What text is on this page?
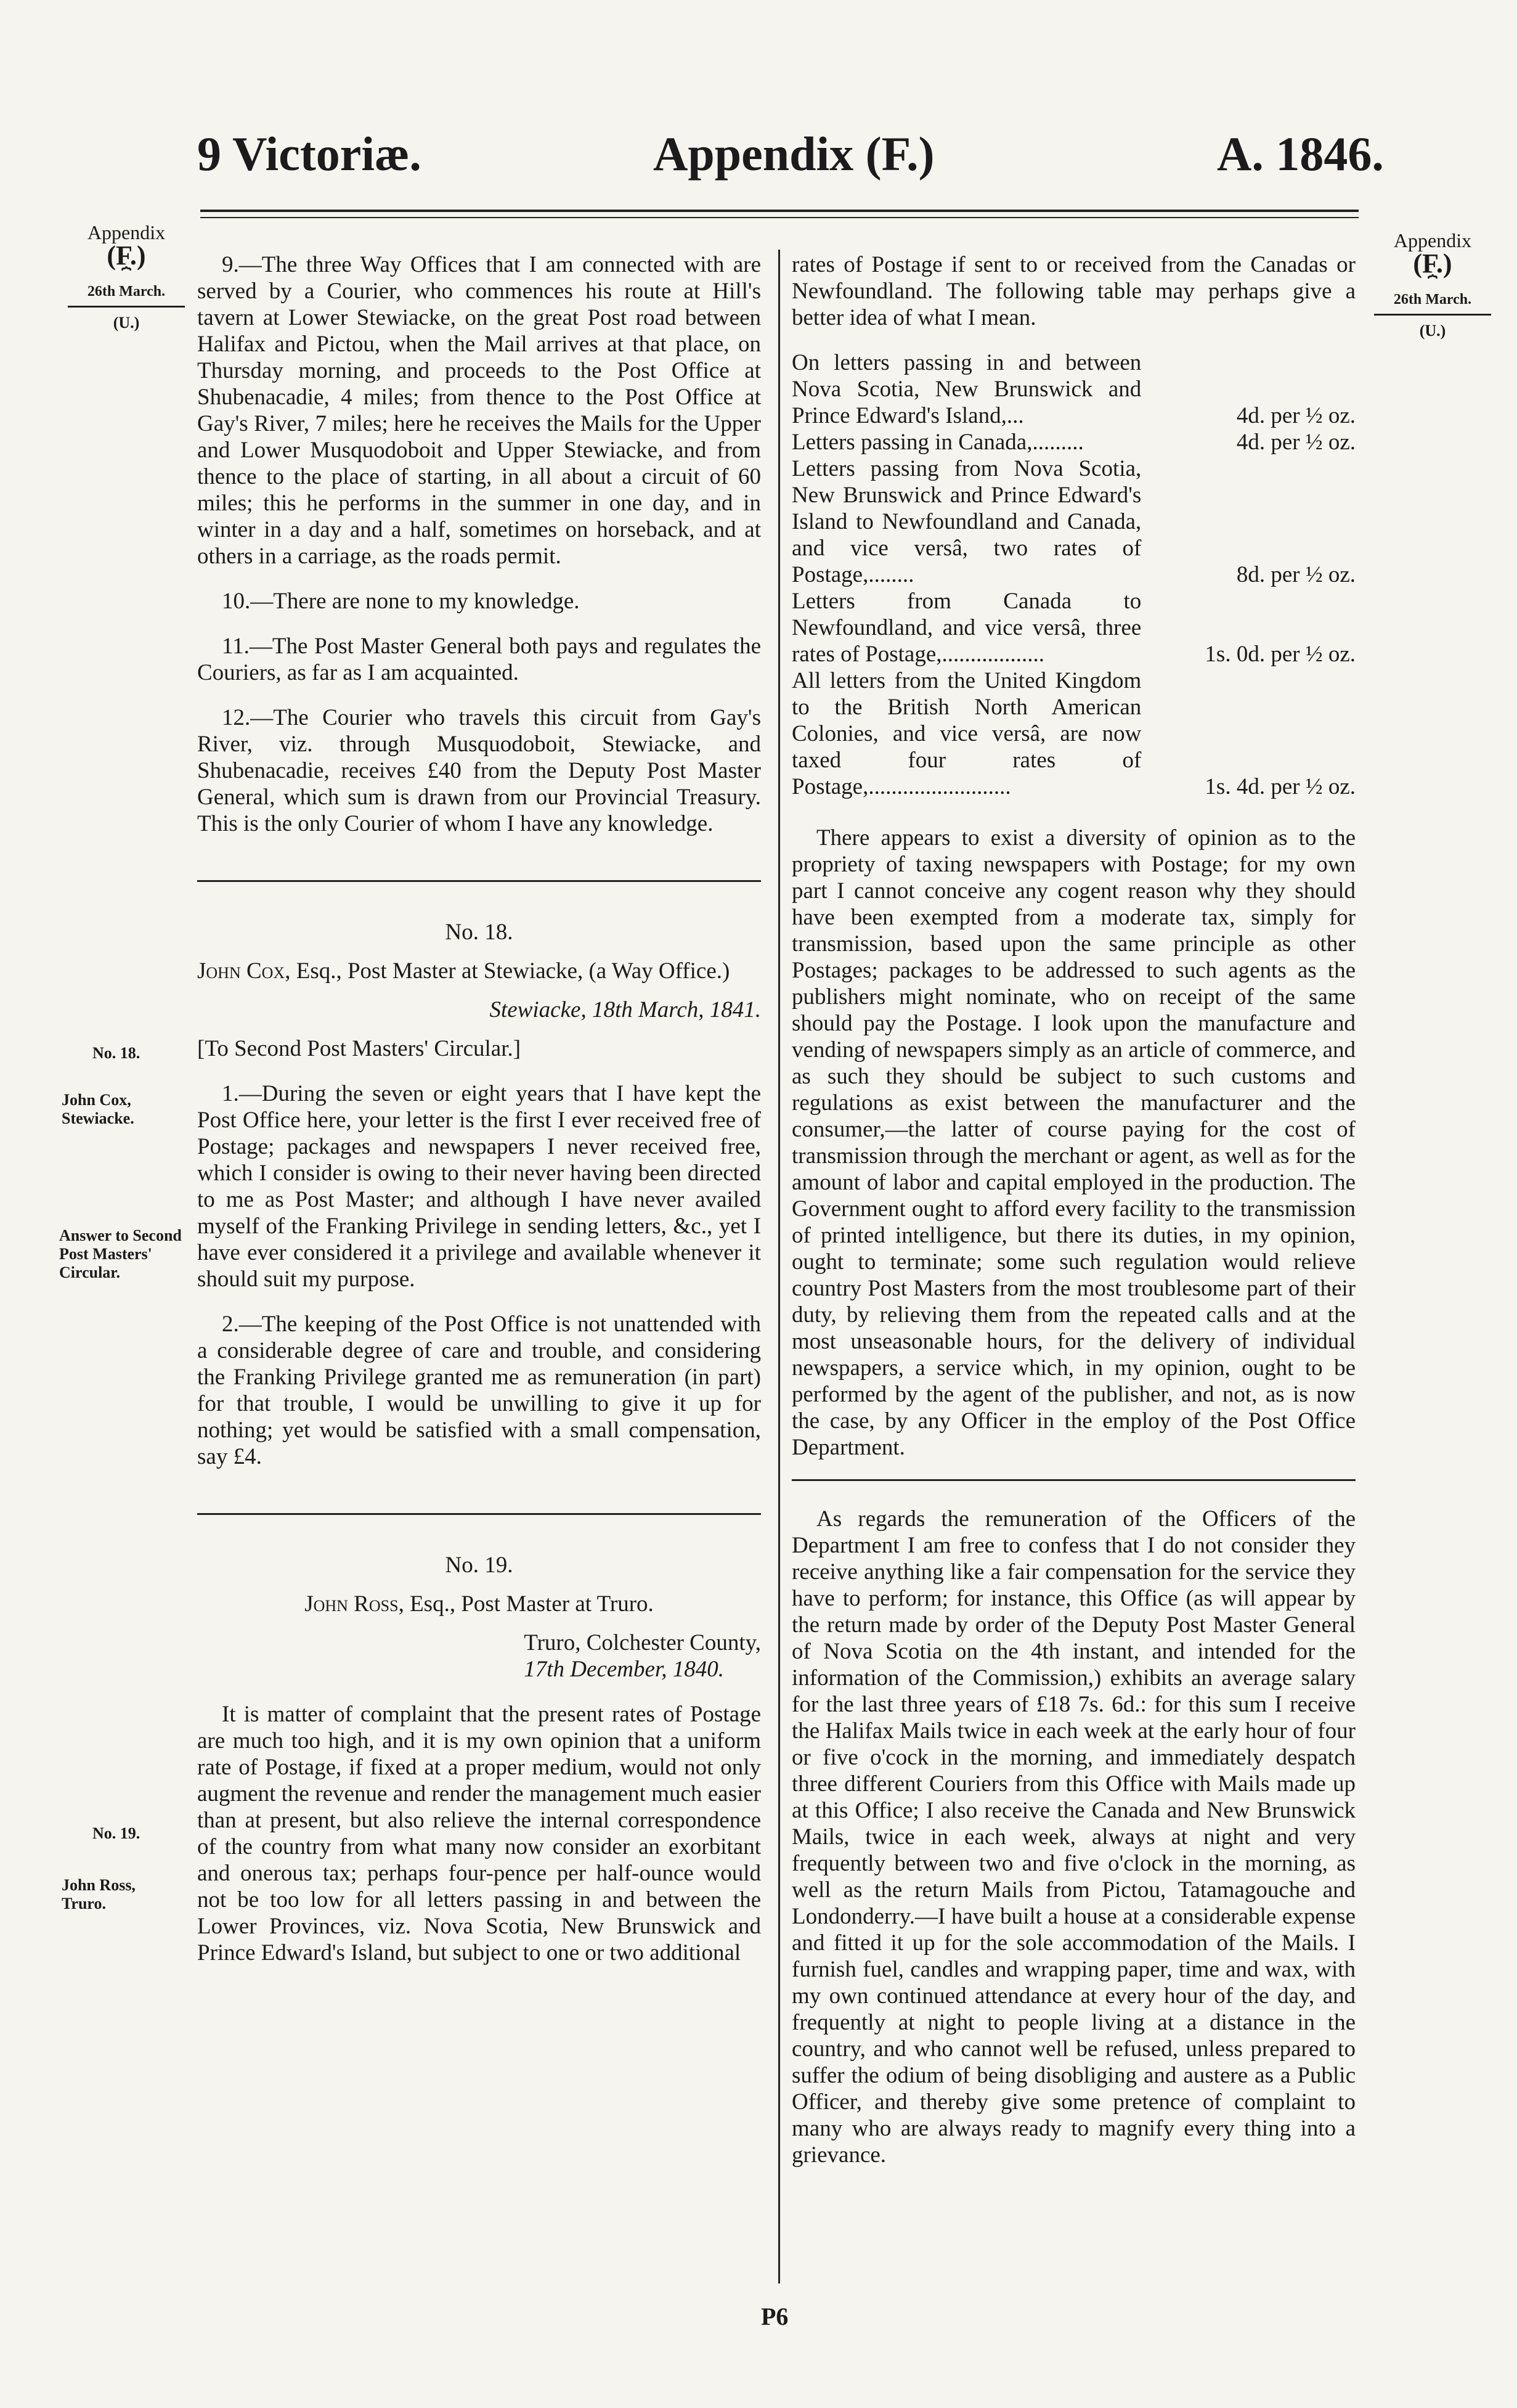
9 Victoriæ.	Appendix (F.)	A. 1846.
Appendix
(F.)
⏞
26th March.
(U.)
No. 18.
John Cox, Stewiacke.
Answer to Second Post Masters' Circular.
No. 19.
John Ross, Truro.
Appendix
(F.)
⏞
26th March.
(U.)

9.—The three Way Offices that I am connected with are served by a Courier, who commences his route at Hill's tavern at Lower Stewiacke, on the great Post road between Halifax and Pictou, when the Mail arrives at that place, on Thursday morning, and proceeds to the Post Office at Shubenacadie, 4 miles; from thence to the Post Office at Gay's River, 7 miles; here he receives the Mails for the Upper and Lower Musquodoboit and Upper Stewiacke, and from thence to the place of starting, in all about a circuit of 60 miles; this he performs in the summer in one day, and in winter in a day and a half, sometimes on horseback, and at others in a carriage, as the roads permit.

10.—There are none to my knowledge.

11.—The Post Master General both pays and regulates the Couriers, as far as I am acquainted.

12.—The Courier who travels this circuit from Gay's River, viz. through Musquodoboit, Stewiacke, and Shubenacadie, receives £40 from the Deputy Post Master General, which sum is drawn from our Provincial Treasury. This is the only Courier of whom I have any knowledge.

No. 18.

John Cox, Esq., Post Master at Stewiacke, (a Way Office.)

Stewiacke, 18th March, 1841.

[To Second Post Masters' Circular.]

1.—During the seven or eight years that I have kept the Post Office here, your letter is the first I ever received free of Postage; packages and newspapers I never received free, which I consider is owing to their never having been directed to me as Post Master; and although I have never availed myself of the Franking Privilege in sending letters, &c., yet I have ever considered it a privilege and available whenever it should suit my purpose.

2.—The keeping of the Post Office is not unattended with a considerable degree of care and trouble, and considering the Franking Privilege granted me as remuneration (in part) for that trouble, I would be unwilling to give it up for nothing; yet would be satisfied with a small compensation, say £4.

No. 19.

John Ross, Esq., Post Master at Truro.

Truro, Colchester County,

17th December, 1840.

It is matter of complaint that the present rates of Postage are much too high, and it is my own opinion that a uniform rate of Postage, if fixed at a proper medium, would not only augment the revenue and render the management much easier than at present, but also relieve the internal correspondence of the country from what many now consider an exorbitant and onerous tax; perhaps four-pence per half-ounce would not be too low for all letters passing in and between the Lower Provinces, viz. Nova Scotia, New Brunswick and Prince Edward's Island, but subject to one or two additional

rates of Postage if sent to or received from the Canadas or Newfoundland. The following table may perhaps give a better idea of what I mean.

On letters passing in and between Nova Scotia, New Brunswick and Prince Edward's Island,...	4d. per ½ oz.
Letters passing in Canada,.........	4d. per ½ oz.
Letters passing from Nova Scotia, New Brunswick and Prince Edward's Island to Newfoundland and Canada, and vice versâ, two rates of Postage,........	8d. per ½ oz.
Letters from Canada to Newfoundland, and vice versâ, three rates of Postage,..................	1s. 0d. per ½ oz.
All letters from the United Kingdom to the British North American Colonies, and vice versâ, are now taxed four rates of Postage,.........................	1s. 4d. per ½ oz.

There appears to exist a diversity of opinion as to the propriety of taxing newspapers with Postage; for my own part I cannot conceive any cogent reason why they should have been exempted from a moderate tax, simply for transmission, based upon the same principle as other Postages; packages to be addressed to such agents as the publishers might nominate, who on receipt of the same should pay the Postage. I look upon the manufacture and vending of newspapers simply as an article of commerce, and as such they should be subject to such customs and regulations as exist between the manufacturer and the consumer,—the latter of course paying for the cost of transmission through the merchant or agent, as well as for the amount of labor and capital employed in the production. The Government ought to afford every facility to the transmission of printed intelligence, but there its duties, in my opinion, ought to terminate; some such regulation would relieve country Post Masters from the most troublesome part of their duty, by relieving them from the repeated calls and at the most unseasonable hours, for the delivery of individual newspapers, a service which, in my opinion, ought to be performed by the agent of the publisher, and not, as is now the case, by any Officer in the employ of the Post Office Department.

As regards the remuneration of the Officers of the Department I am free to confess that I do not consider they receive anything like a fair compensation for the service they have to perform; for instance, this Office (as will appear by the return made by order of the Deputy Post Master General of Nova Scotia on the 4th instant, and intended for the information of the Commission,) exhibits an average salary for the last three years of £18 7s. 6d.: for this sum I receive the Halifax Mails twice in each week at the early hour of four or five o'cock in the morning, and immediately despatch three different Couriers from this Office with Mails made up at this Office; I also receive the Canada and New Brunswick Mails, twice in each week, always at night and very frequently between two and five o'clock in the morning, as well as the return Mails from Pictou, Tatamagouche and Londonderry.—I have built a house at a considerable expense and fitted it up for the sole accommodation of the Mails. I furnish fuel, candles and wrapping paper, time and wax, with my own continued attendance at every hour of the day, and frequently at night to people living at a distance in the country, and who cannot well be refused, unless prepared to suffer the odium of being disobliging and austere as a Public Officer, and thereby give some pretence of complaint to many who are always ready to magnify every thing into a grievance.

P6
